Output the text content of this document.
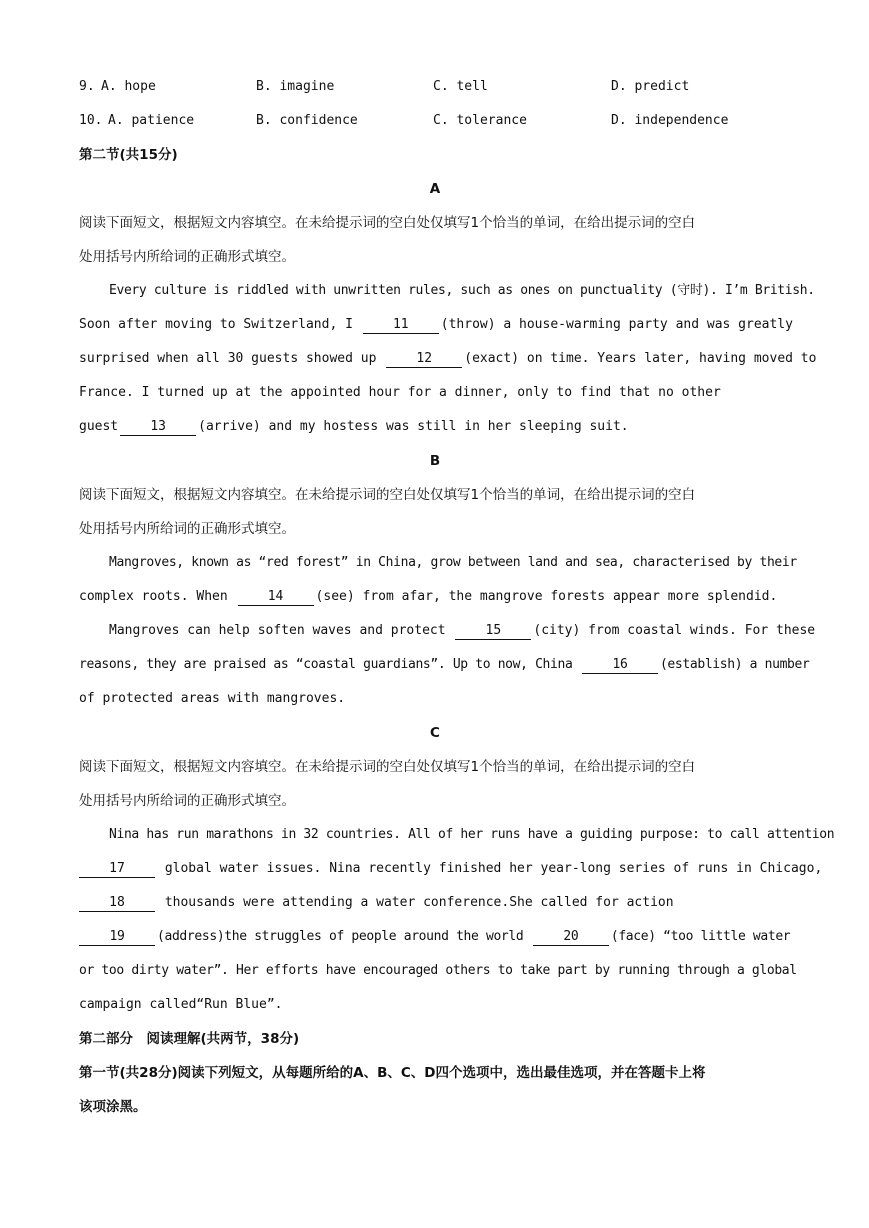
9. A. hope	B. imagine	C. tell	D. predict
10. A. patience	B. confidence	C. tolerance	D. independence
第二节(共15分)
A
阅读下面短文，根据短文内容填空。在未给提示词的空白处仅填写1个恰当的单词，在给出提示词的空白
处用括号内所给词的正确形式填空。
Every culture is riddled with unwritten rules, such as ones on punctuality (守时). I’m British.
Soon after moving to Switzerland, I	11 (throw) a house-warming party and was greatly
surprised when all 30 guests showed up	12 (exact) on time. Years later, having moved to
France. I turned up at the appointed hour for a dinner, only to find that no other
guest 13 (arrive) and my hostess was still in her sleeping suit.
B
阅读下面短文，根据短文内容填空。在未给提示词的空白处仅填写1个恰当的单词，在给出提示词的空白
处用括号内所给词的正确形式填空。
Mangroves, known as “red forest” in China, grow between land and sea, characterised by their
complex roots. When	14 (see) from afar, the mangrove forests appear more splendid.
Mangroves can help soften waves and protect	15 (city) from coastal winds. For these
reasons, they are praised as “coastal guardians”. Up to now, China	16	(establish) a number
of protected areas with mangroves.
C
阅读下面短文，根据短文内容填空。在未给提示词的空白处仅填写1个恰当的单词，在给出提示词的空白
处用括号内所给词的正确形式填空。
Nina has run marathons in 32 countries. All of her runs have a guiding purpose: to call attention
17	global water issues. Nina recently finished her year-long series of runs in Chicago,
18	thousands were attending a water conference.She called for action
19	(address)the struggles of people around the world	20	(face) “too little water
or too dirty water”. Her efforts have encouraged others to take part by running through a global
campaign called“Run Blue”.
第二部分　阅读理解(共两节，38分)
第一节(共28分)阅读下列短文，从每题所给的A、B、C、D四个选项中，选出最佳选项，并在答题卡上将
该项涂黑。
